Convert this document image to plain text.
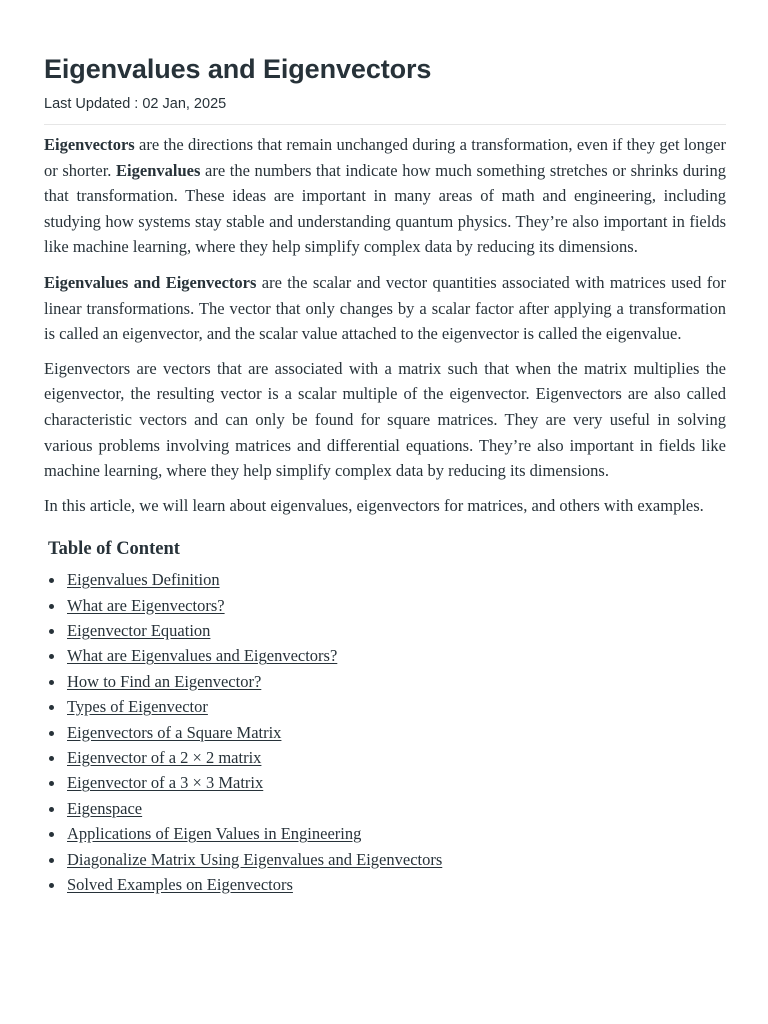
Eigenvalues and Eigenvectors
Last Updated : 02 Jan, 2025

Eigenvectors are the directions that remain unchanged during a transformation, even if they get longer or shorter. Eigenvalues are the numbers that indicate how much something stretches or shrinks during that transformation. These ideas are important in many areas of math and engineering, including studying how systems stay stable and understanding quantum physics. They’re also important in fields like machine learning, where they help simplify complex data by reducing its dimensions.

Eigenvalues and Eigenvectors are the scalar and vector quantities associated with matrices used for linear transformations. The vector that only changes by a scalar factor after applying a transformation is called an eigenvector, and the scalar value attached to the eigenvector is called the eigenvalue.

Eigenvectors are vectors that are associated with a matrix such that when the matrix multiplies the eigenvector, the resulting vector is a scalar multiple of the eigenvector. Eigenvectors are also called characteristic vectors and can only be found for square matrices. They are very useful in solving various problems involving matrices and differential equations. They’re also important in fields like machine learning, where they help simplify complex data by reducing its dimensions.

In this article, we will learn about eigenvalues, eigenvectors for matrices, and others with examples.

Table of Content
Eigenvalues Definition
What are Eigenvectors?
Eigenvector Equation
What are Eigenvalues and Eigenvectors?
How to Find an Eigenvector?
Types of Eigenvector
Eigenvectors of a Square Matrix
Eigenvector of a 2 × 2 matrix
Eigenvector of a 3 × 3 Matrix
Eigenspace
Applications of Eigen Values in Engineering
Diagonalize Matrix Using Eigenvalues and Eigenvectors
Solved Examples on Eigenvectors
